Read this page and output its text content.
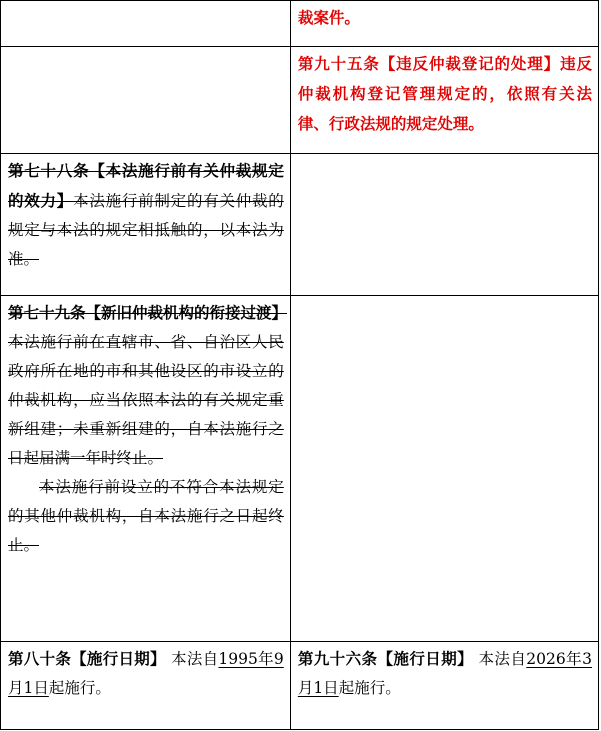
	裁案件。
	第九十五条【违反仲裁登记的处理】违反仲裁机构登记管理规定的，依照有关法律、行政法规的规定处理。
第七十八条【本法施行前有关仲裁规定的效力】本法施行前制定的有关仲裁的规定与本法的规定相抵触的，以本法为准。	

第七十九条【新旧仲裁机构的衔接过渡】本法施行前在直辖市、省、自治区人民政府所在地的市和其他设区的市设立的仲裁机构，应当依照本法的有关规定重新组建；未重新组建的，自本法施行之日起届满一年时终止。

本法施行前设立的不符合本法规定的其他仲裁机构，自本法施行之日起终止。	

第八十条【施行日期】 本法自1995年9月1日起施行。	第九十六条【施行日期】 本法自2026年3月1日起施行。
